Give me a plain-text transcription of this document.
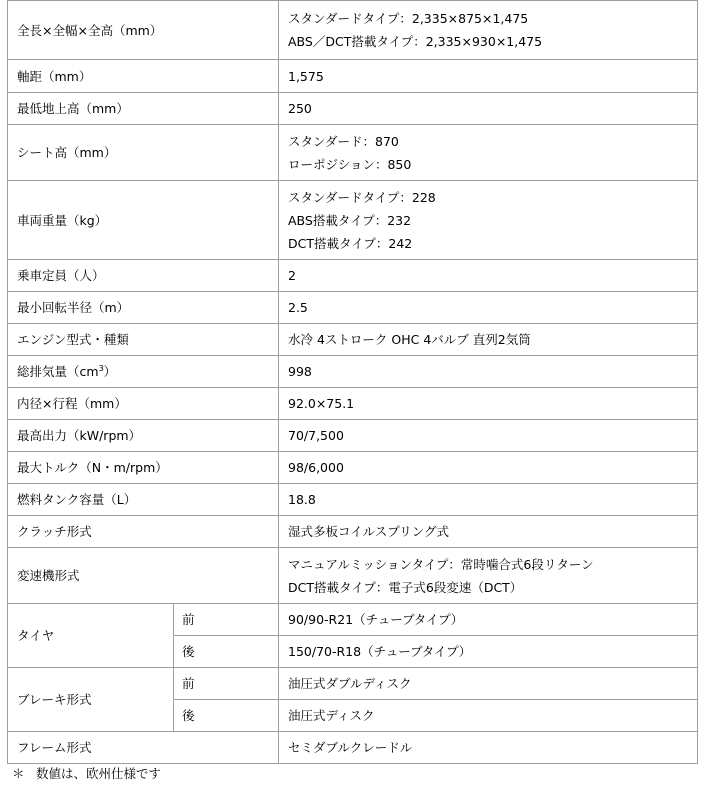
全長×全幅×全高（mm）		スタンダードタイプ：2,335×875×1,475
ABS／DCT搭載タイプ：2,335×930×1,475

軸距（mm）		1,575
最低地上高（mm）		250
シート高（mm）		スタンダード：870
ローポジション：850

車両重量（kg）		スタンダードタイプ：228
ABS搭載タイプ：232
DCT搭載タイプ：242

乗車定員（人）		2
最小回転半径（m）		2.5
エンジン型式・種類		水冷 4ストローク OHC 4バルブ 直列2気筒
総排気量$(cm^3)$		998
内径×行程（mm）		92.0×75.1
最高出力（kW/rpm）		70/7,500
最大トルク（N・m/rpm）		98/6,000
燃料タンク容量（L）		18.8
クラッチ形式		湿式多板コイルスプリング式
変速機形式		マニュアルミッションタイプ：常時噛合式6段リターン
DCT搭載タイプ：電子式6段変速（DCT）

タイヤ	前	90/90-R21（チューブタイプ）
	後	150/70-R18（チューブタイプ）
ブレーキ形式	前	油圧式ダブルディスク
	後	油圧式ディスク
フレーム形式		セミダブルクレードル
＊ 数値は、欧州仕様です
